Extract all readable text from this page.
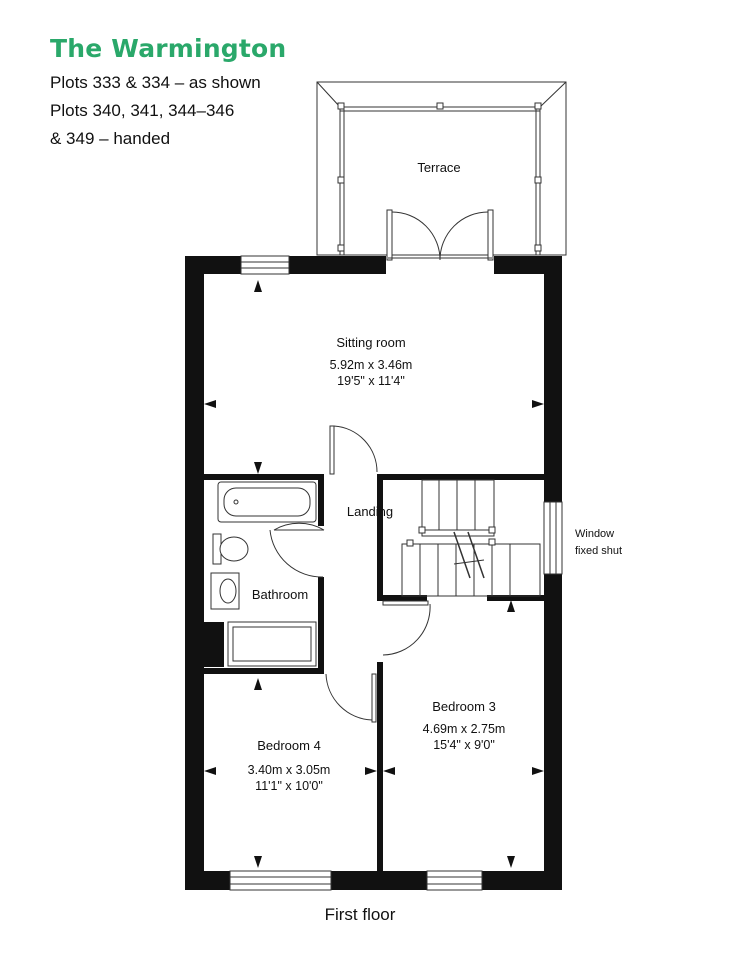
The Warmington
Plots 333 & 334 – as shown
Plots 340, 341, 344–346
& 349 – handed
Terrace
Sitting room
5.92m x 3.46m
19'5" x 11'4"
Landing
Bathroom
Bedroom 3
4.69m x 2.75m
15'4" x 9'0"
Bedroom 4
3.40m x 3.05m
11'1" x 10'0"
Window
fixed shut
First floor
